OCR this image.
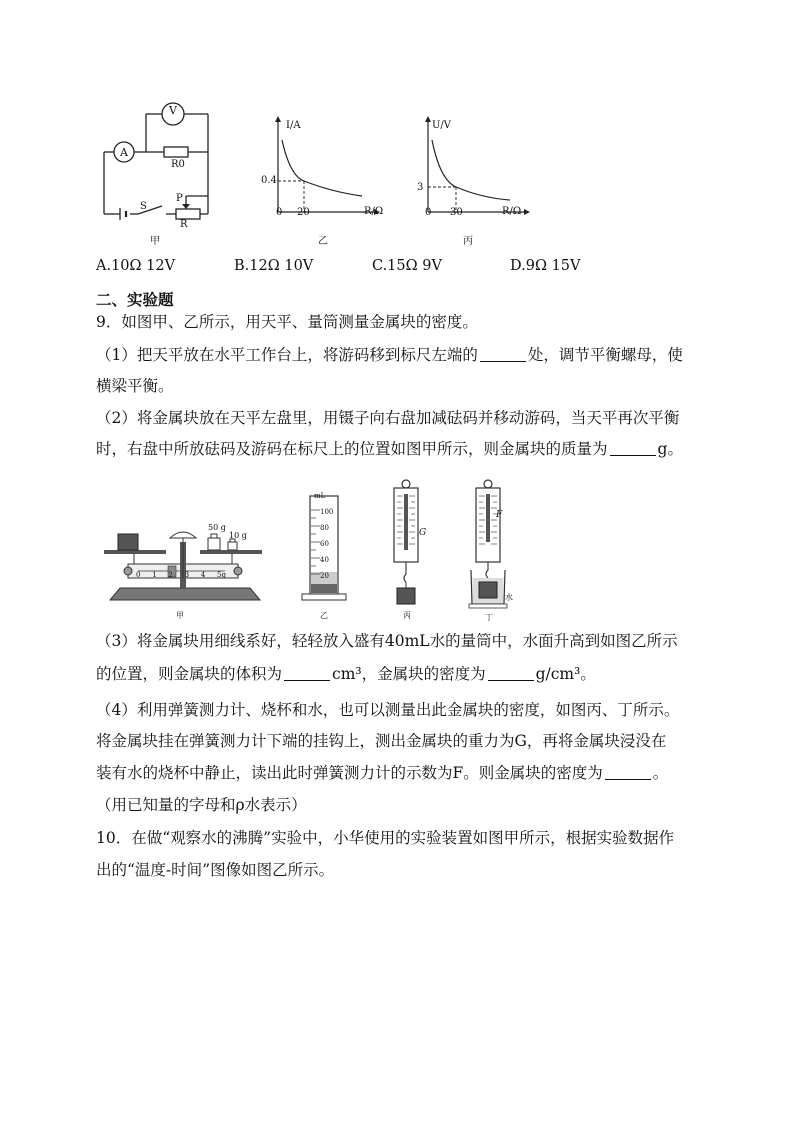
V
A
R0
S
P
R
甲
I/A
R/Ω
0.4
20
0
乙
U/V
R/Ω
3
30
0
丙
A.10Ω 12V	B.12Ω 10V	C.15Ω 9V	D.9Ω 15V
二、实验题
9．如图甲、乙所示，用天平、量筒测量金属块的密度。
（1）把天平放在水平工作台上，将游码移到标尺左端的	处，调节平衡螺母，使
横梁平衡。
（2）将金属块放在天平左盘里，用镊子向右盘加减砝码并移动游码，当天平再次平衡
时，右盘中所放砝码及游码在标尺上的位置如图甲所示，则金属块的质量为	g。
50 g
10 g
0 1 2 3 4 5g
甲
mL
100
80
60
40
20
乙
G
丙
F
水
丁
（3）将金属块用细线系好，轻轻放入盛有40mL水的量筒中，水面升高到如图乙所示
的位置，则金属块的体积为	cm³，金属块的密度为	g/cm³。
（4）利用弹簧测力计、烧杯和水，也可以测量出此金属块的密度，如图丙、丁所示。
将金属块挂在弹簧测力计下端的挂钩上，测出金属块的重力为G，再将金属块浸没在
装有水的烧杯中静止，读出此时弹簧测力计的示数为F。则金属块的密度为	。
（用已知量的字母和ρ水表示）
10．在做“观察水的沸腾”实验中，小华使用的实验装置如图甲所示，根据实验数据作
出的“温度-时间”图像如图乙所示。
